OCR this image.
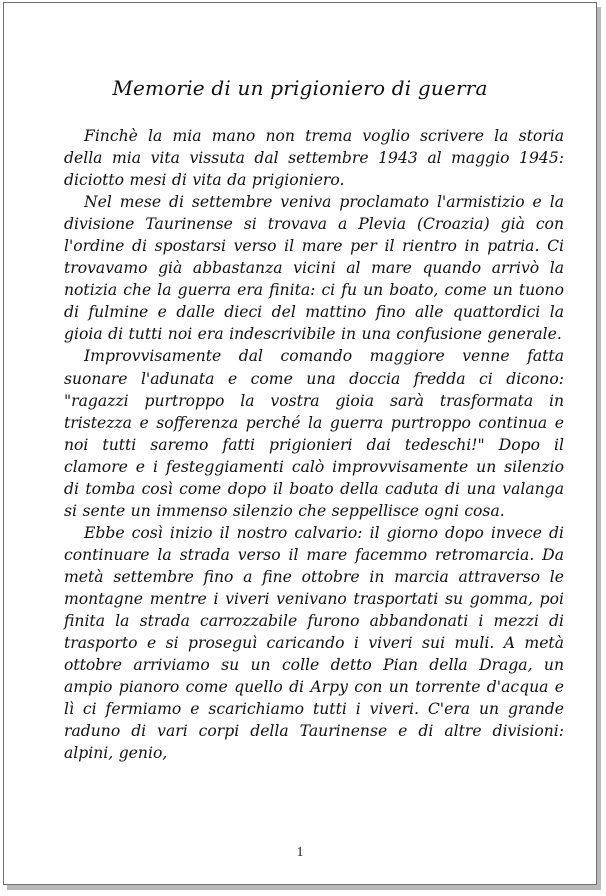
Memorie di un prigioniero di guerra

Finchè la mia mano non trema voglio scrivere la storia della mia vita vissuta dal settembre 1943 al maggio 1945: diciotto mesi di vita da prigioniero.

Nel mese di settembre veniva proclamato l'armistizio e la divisione Taurinense si trovava a Plevia (Croazia) già con l'ordine di spostarsi verso il mare per il rientro in patria. Ci trovavamo già abbastanza vicini al mare quando arrivò la notizia che la guerra era finita: ci fu un boato, come un tuono di fulmine e dalle dieci del mattino fino alle quattordici la gioia di tutti noi era indescrivibile in una confusione generale.

Improvvisamente dal comando maggiore venne fatta suonare l'adunata e come una doccia fredda ci dicono: "ragazzi purtroppo la vostra gioia sarà trasformata in tristezza e sofferenza perché la guerra purtroppo continua e noi tutti saremo fatti prigionieri dai tedeschi!" Dopo il clamore e i festeggiamenti calò improvvisamente un silenzio di tomba così come dopo il boato della caduta di una valanga si sente un immenso silenzio che seppellisce ogni cosa.

Ebbe così inizio il nostro calvario: il giorno dopo invece di continuare la strada verso il mare facemmo retromarcia. Da metà settembre fino a fine ottobre in marcia attraverso le montagne mentre i viveri venivano trasportati su gomma, poi finita la strada carrozzabile furono abbandonati i mezzi di trasporto e si proseguì caricando i viveri sui muli. A metà ottobre arriviamo su un colle detto Pian della Draga, un ampio pianoro come quello di Arpy con un torrente d'acqua e lì ci fermiamo e scarichiamo tutti i viveri. C'era un grande raduno di vari corpi della Taurinense e di altre divisioni: alpini, genio,

1
